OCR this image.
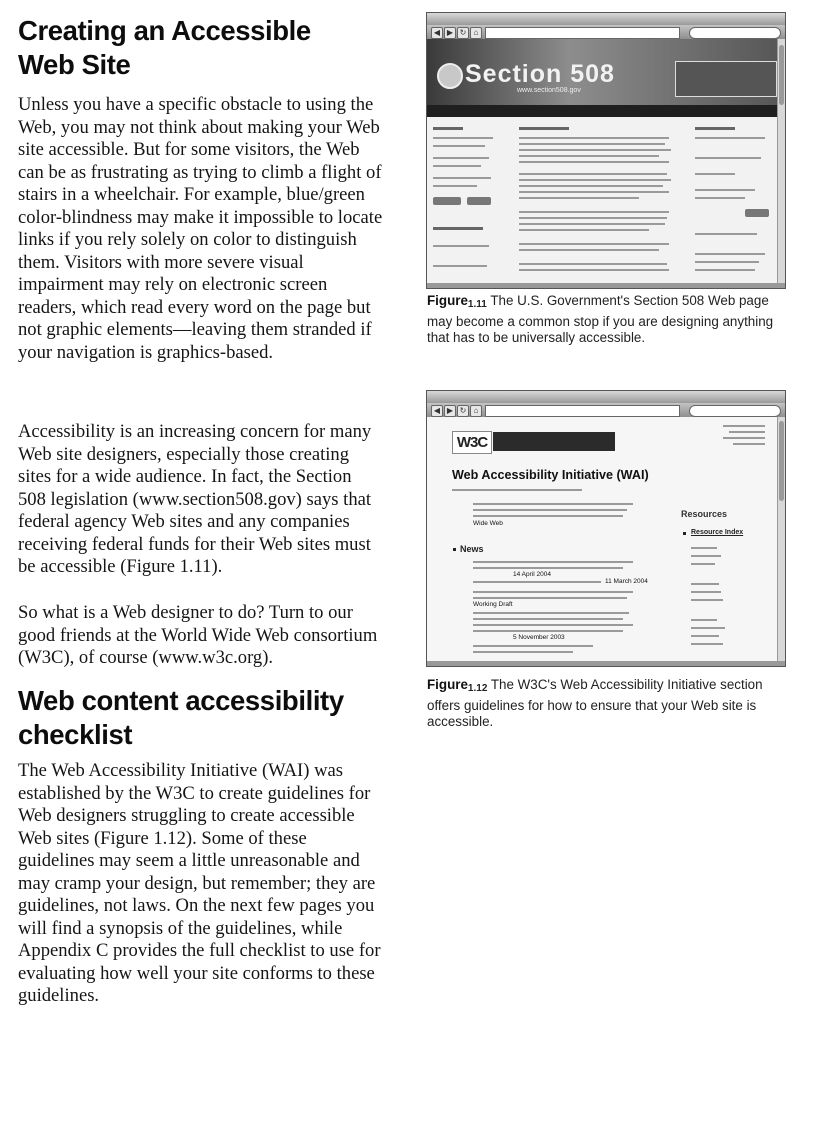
Creating an Accessible
Web Site

Unless you have a specific obstacle to using the Web, you may not think about making your Web site accessible. But for some visitors, the Web can be as frustrating as trying to climb a flight of stairs in a wheelchair. For example, blue/green color-blindness may make it impossible to locate links if you rely solely on color to distinguish them. Visitors with more severe visual impairment may rely on electronic screen readers, which read every word on the page but not graphic elements—leaving them stranded if your navigation is graphics-based.

Accessibility is an increasing concern for many Web site designers, especially those creating sites for a wide audience. In fact, the Section 508 legislation (www.section508.gov) says that federal agency Web sites and any companies receiving federal funds for their Web sites must be accessible (Figure 1.11).

So what is a Web designer to do? Turn to our good friends at the World Wide Web consortium (W3C), of course (www.w3c.org).

Web content accessibility
checklist

The Web Accessibility Initiative (WAI) was established by the W3C to create guidelines for Web designers struggling to create accessible Web sites (Figure 1.12). Some of these guidelines may seem a little unreasonable and may cramp your design, but remember; they are guidelines, not laws. On the next few pages you will find a synopsis of the guidelines, while Appendix C provides the full checklist to use for evaluating how well your site conforms to these guidelines.

◀ ▶ ↻ ⌂
Section 508
www.section508.gov

Figure1.11 The U.S. Government's Section 508 Web page may become a common stop if you are designing anything that has to be universally accessible.

◀ ▶ ↻ ⌂
W3C
Web Accessibility Initiative (WAI)
Wide Web
News
14 April 2004
11 March 2004
Working Draft
5 November 2003
Resources
Resource Index

Figure1.12 The W3C's Web Accessibility Initiative section offers guidelines for how to ensure that your Web site is accessible.
